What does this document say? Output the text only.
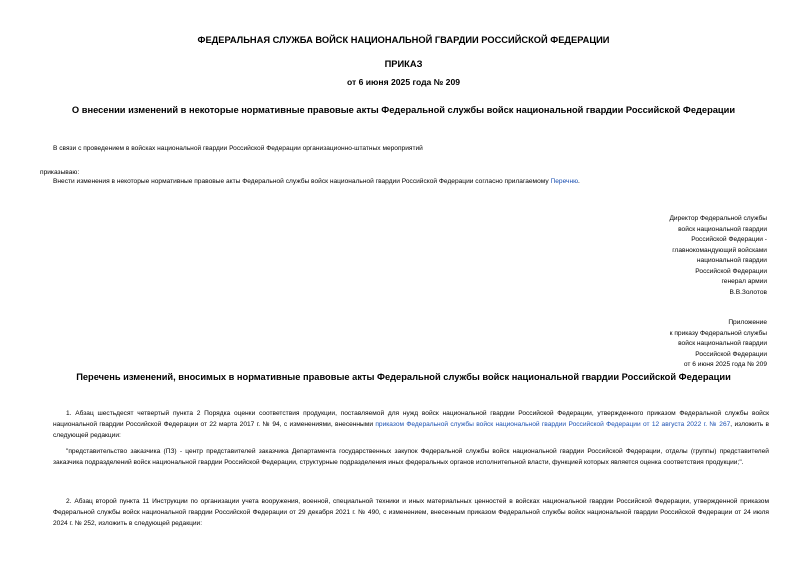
ФЕДЕРАЛЬНАЯ СЛУЖБА ВОЙСК НАЦИОНАЛЬНОЙ ГВАРДИИ РОССИЙСКОЙ ФЕДЕРАЦИИ
ПРИКАЗ
от 6 июня 2025 года № 209
О внесении изменений в некоторые нормативные правовые акты Федеральной службы войск национальной гвардии Российской Федерации

В связи с проведением в войсках национальной гвардии Российской Федерации организационно-штатных мероприятий

приказываю:

Внести изменения в некоторые нормативные правовые акты Федеральной службы войск национальной гвардии Российской Федерации согласно прилагаемому Перечню.

Директор Федеральной службы
войск национальной гвардии
Российской Федерации -
главнокомандующий войсками
национальной гвардии
Российской Федерации
генерал армии
В.В.Золотов
Приложение
к приказу Федеральной службы
войск национальной гвардии
Российской Федерации
от 6 июня 2025 года № 209
Перечень изменений, вносимых в нормативные правовые акты Федеральной службы войск национальной гвардии Российской Федерации

1. Абзац шестьдесят четвертый пункта 2 Порядка оценки соответствия продукции, поставляемой для нужд войск национальной гвардии Российской Федерации, утвержденного приказом Федеральной службы войск национальной гвардии Российской Федерации от 22 марта 2017 г. № 94, с изменениями, внесенными приказом Федеральной службы войск национальной гвардии Российской Федерации от 12 августа 2022 г. № 267, изложить в следующей редакции:

"представительство заказчика (ПЗ) - центр представителей заказчика Департамента государственных закупок Федеральной службы войск национальной гвардии Российской Федерации, отделы (группы) представителей заказчика подразделений войск национальной гвардии Российской Федерации, структурные подразделения иных федеральных органов исполнительной власти, функцией которых является оценка соответствия продукции;".

2. Абзац второй пункта 11 Инструкции по организации учета вооружения, военной, специальной техники и иных материальных ценностей в войсках национальной гвардии Российской Федерации, утвержденной приказом Федеральной службы войск национальной гвардии Российской Федерации от 29 декабря 2021 г. № 490, с изменением, внесенным приказом Федеральной службы войск национальной гвардии Российской Федерации от 24 июля 2024 г. № 252, изложить в следующей редакции:
